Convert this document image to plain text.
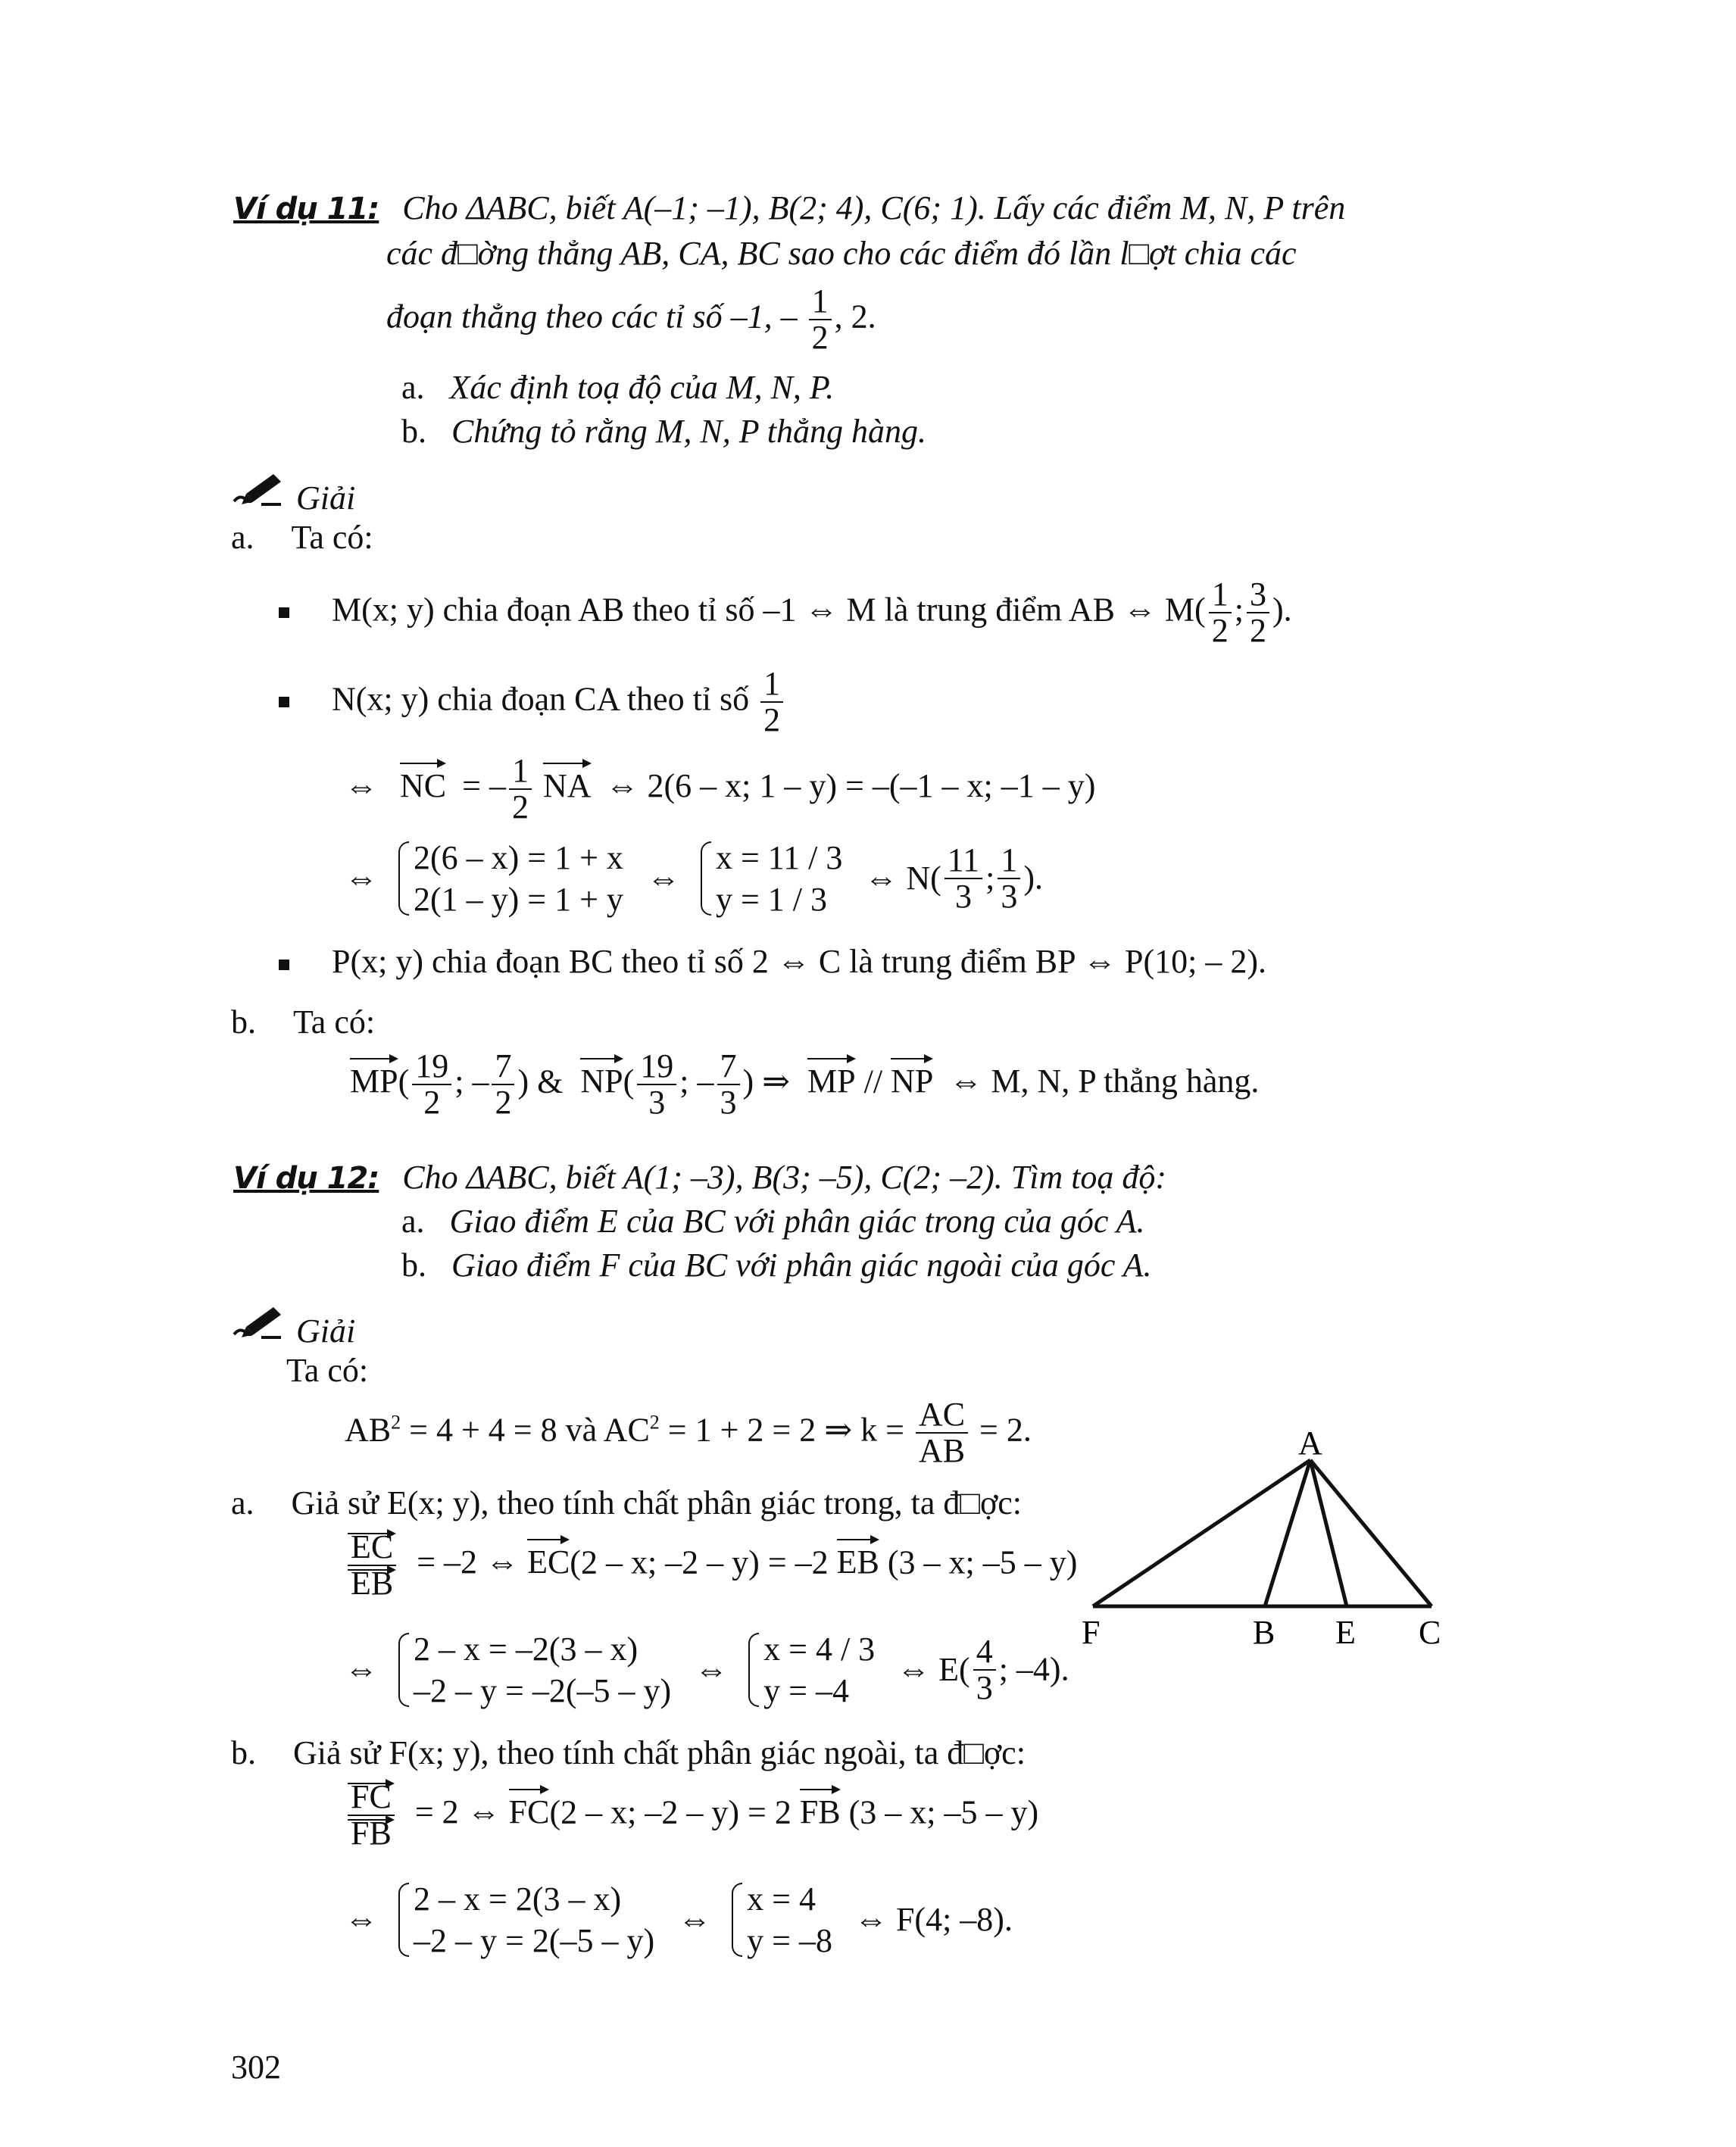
Ví dụ 11: Cho ΔABC, biết A(–1; –1), B(2; 4), C(6; 1). Lấy các điểm M, N, P trên
các đ□ờng thẳng AB, CA, BC sao cho các điểm đó lần l□ợt chia các
đoạn thẳng theo các tỉ số –1, – $\frac{1}{2}$ , 2.
a. Xác định toạ độ của M, N, P.
b. Chứng tỏ rằng M, N, P thẳng hàng.
Giải
a. Ta có:
M(x; y) chia đoạn AB theo tỉ số –1 ⇔ M là trung điểm AB ⇔ $M( \frac{1}{2}$ ; $\frac{3}{2}$ ).
N(x; y) chia đoạn CA theo tỉ số $\frac{1}{2}$
⇔ NC = – $\frac{1}{2}$ NA ⇔ 2(6 – x; 1 – y) = –(–1 – x; –1 – y)
⇔
2(6 – x) = 1 + x
2(1 – y) = 1 + y
⇔
x = 11 / 3
y = 1 / 3
⇔ $N( \frac{11}{3}$ ; $\frac{1}{3}$ ).
P(x; y) chia đoạn BC theo tỉ số 2 ⇔ C là trung điểm BP ⇔ P(10; – 2).
b. Ta có:
$MP( \frac{19}{2}$ ; – $\frac{7}{2}$ ) & $NP( \frac{19}{3}$ ; – $\frac{7}{3}$ ) ⇒ MP // NP ⇔ M, N, P thẳng hàng.
Ví dụ 12: Cho ΔABC, biết A(1; –3), B(3; –5), C(2; –2). Tìm toạ độ:
a. Giao điểm E của BC với phân giác trong của góc A.
b. Giao điểm F của BC với phân giác ngoài của góc A.
Giải
Ta có:
$AB^2 = 4 + 4 = 8$ và $AC^2 = 1 + 2 = 2$ ⇒ $k = \frac{AC}{AB} = 2$.
a. Giả sử E(x; y), theo tính chất phân giác trong, ta đ□ợc:
$\frac{EC}{EB} = -2$ ⇔ EC(2 – x; –2 – y) = –2 EB (3 – x; –5 – y)
⇔
2 – x = –2(3 – x)
–2 – y = –2(–5 – y)
⇔
x = 4 / 3
y = –4
⇔ $E( \frac{4}{3}$ ; –4).
b. Giả sử F(x; y), theo tính chất phân giác ngoài, ta đ□ợc:
$\frac{FC}{FB} = 2$ ⇔ FC(2 – x; –2 – y) = 2 FB (3 – x; –5 – y)
⇔
2 – x = 2(3 – x)
–2 – y = 2(–5 – y)
⇔
x = 4
y = –8
⇔ F(4; –8).
A
F	B E C
302
